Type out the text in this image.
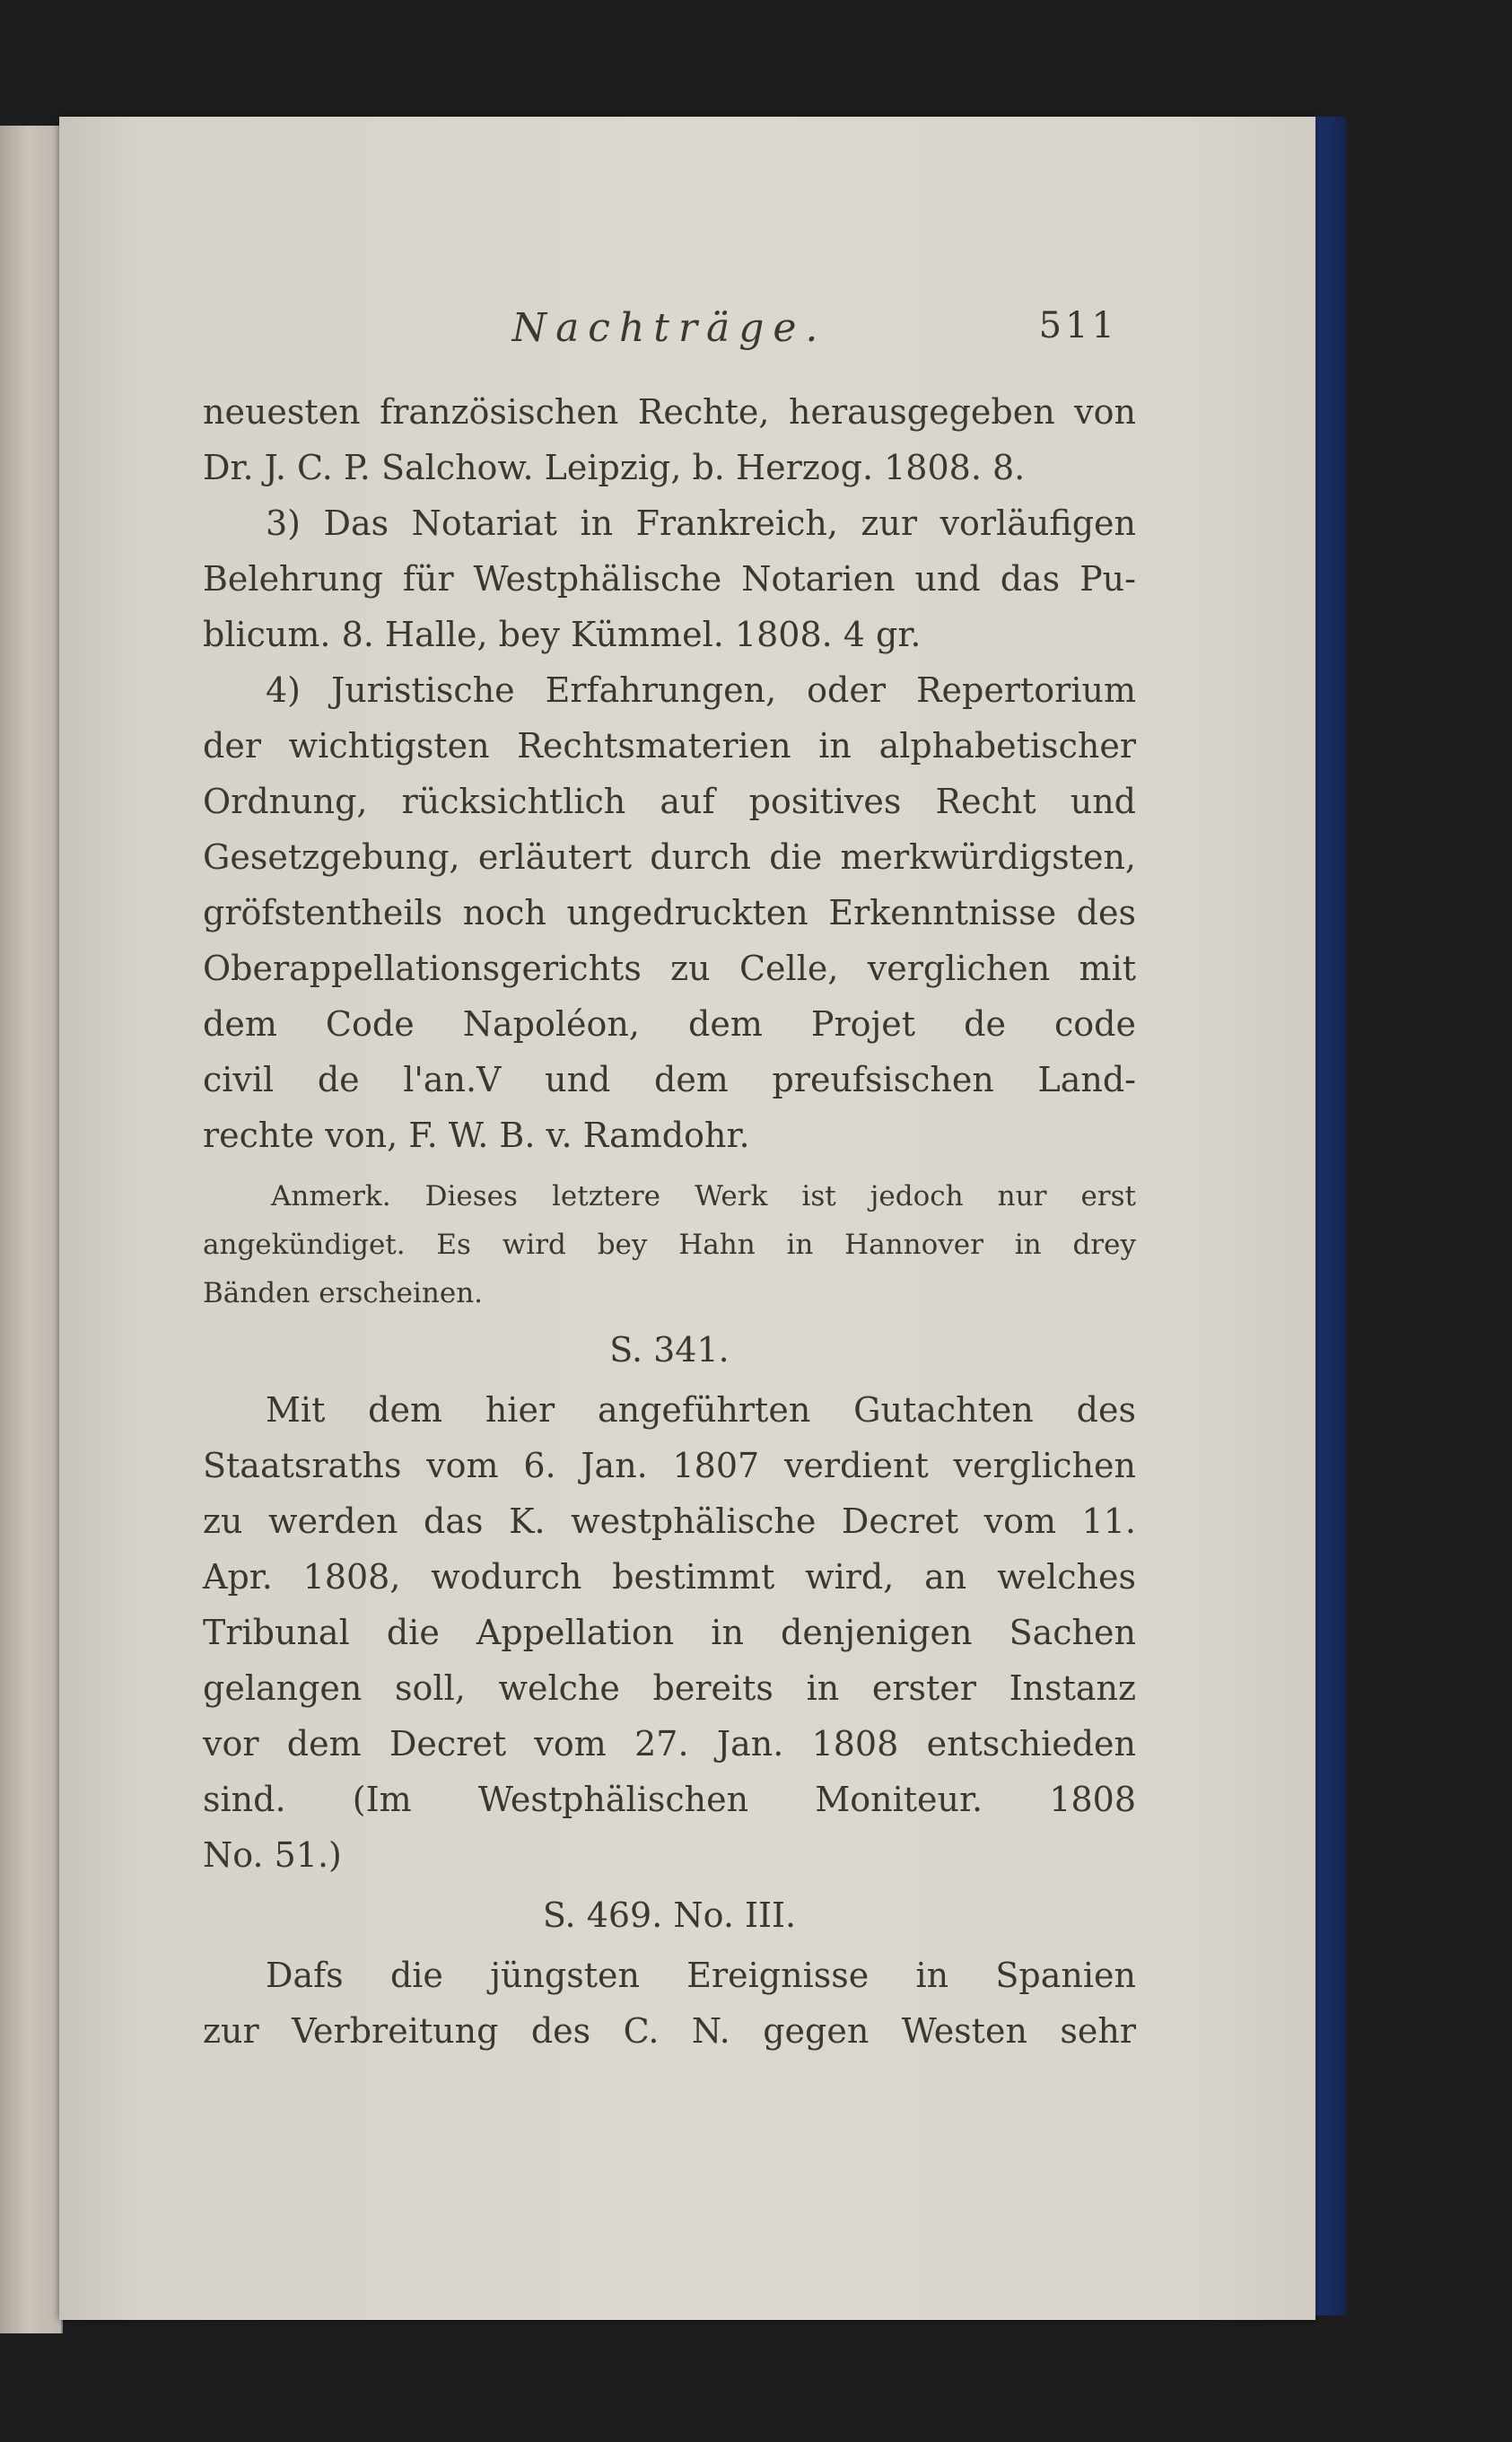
Nachträge.	511
neuesten französischen Rechte, herausgegeben von
Dr. J. C. P. Salchow. Leipzig, b. Herzog. 1808. 8.
3) Das Notariat in Frankreich, zur vorläufigen
Belehrung für Westphälische Notarien und das Pu-
blicum. 8. Halle, bey Kümmel. 1808. 4 gr.
4) Juristische Erfahrungen, oder Repertorium
der wichtigsten Rechtsmaterien in alphabetischer
Ordnung, rücksichtlich auf positives Recht und
Gesetzgebung, erläutert durch die merkwürdigsten,
gröfstentheils noch ungedruckten Erkenntnisse des
Oberappellationsgerichts zu Celle, verglichen mit
dem Code Napoléon, dem Projet de code
civil de l'an.V und dem preufsischen Land-
rechte von, F. W. B. v. Ramdohr.
Anmerk. Dieses letztere Werk ist jedoch nur erst
angekündiget. Es wird bey Hahn in Hannover in drey
Bänden erscheinen.
S. 341.
Mit dem hier angeführten Gutachten des
Staatsraths vom 6. Jan. 1807 verdient verglichen
zu werden das K. westphälische Decret vom 11.
Apr. 1808, wodurch bestimmt wird, an welches
Tribunal die Appellation in denjenigen Sachen
gelangen soll, welche bereits in erster Instanz
vor dem Decret vom 27. Jan. 1808 entschieden
sind. (Im Westphälischen Moniteur. 1808
No. 51.)
S. 469. No. III.
Dafs die jüngsten Ereignisse in Spanien
zur Verbreitung des C. N. gegen Westen sehr
